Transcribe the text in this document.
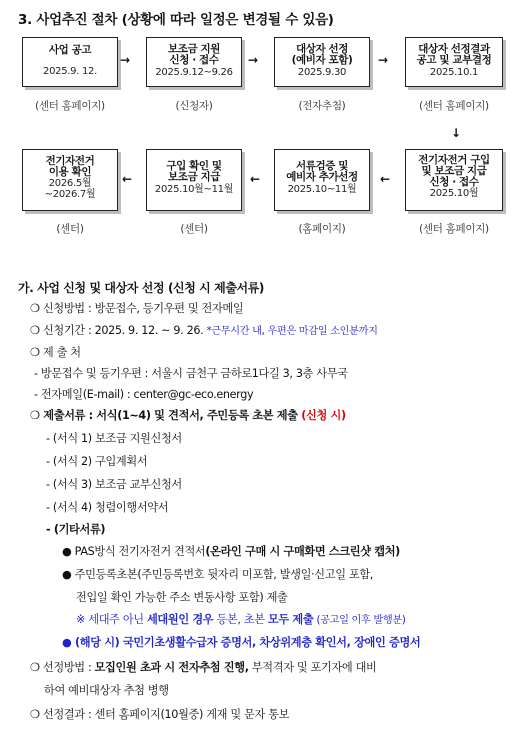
3. 사업추진 절차 (상황에 따라 일정은 변경될 수 있음)
사업 공고
2025.9. 12.
→
보조금 지원
신청 · 접수
2025.9.12~9.26
→
대상자 선정
(예비자 포함)
2025.9.30
→
대상자 선정결과
공고 및 교부결정
2025.10.1
(센터 홈페이지)	(신청자)	(전자추첨)	(센터 홈페이지)
↓
전기자전거
이용 확인
2026.5월
~2026.7월
←
구입 확인 및
보조금 지급
2025.10월~11월
←
서류검증 및
예비자 추가선정
2025.10~11월
←
전기자전거 구입
및 보조금 지급
신청 · 접수
2025.10월
(센터)	(센터)	(홈페이지)	(센터 홈페이지)
가. 사업 신청 및 대상자 선정 (신청 시 제출서류)
❍ 신청방법 : 방문접수, 등기우편 및 전자메일
❍ 신청기간 : 2025. 9. 12. ~ 9. 26. *근무시간 내, 우편은 마감일 소인분까지
❍ 제 출 처
- 방문접수 및 등기우편 : 서울시 금천구 금하로1다길 3, 3층 사무국
- 전자메일(E-mail) : center@gc-eco.energy
❍ 제출서류 : 서식(1~4) 및 견적서, 주민등록 초본 제출 (신청 시)
- (서식 1) 보조금 지원신청서
- (서식 2) 구입계획서
- (서식 3) 보조금 교부신청서
- (서식 4) 청렴이행서약서
- (기타서류)
● PAS방식 전기자전거 견적서(온라인 구매 시 구매화면 스크린샷 캡처)
● 주민등록초본(주민등록번호 뒷자리 미포함, 발생일·신고일 포함,
전입일 확인 가능한 주소 변동사항 포함) 제출
※ 세대주 아닌 세대원인 경우 등본, 초본 모두 제출 (공고일 이후 발행분)
● (해당 시) 국민기초생활수급자 증명서, 차상위계층 확인서, 장애인 증명서
❍ 선정방법 : 모집인원 초과 시 전자추첨 진행, 부적격자 및 포기자에 대비
하여 예비대상자 추첨 병행
❍ 선정결과 : 센터 홈페이지(10월중) 게재 및 문자 통보
